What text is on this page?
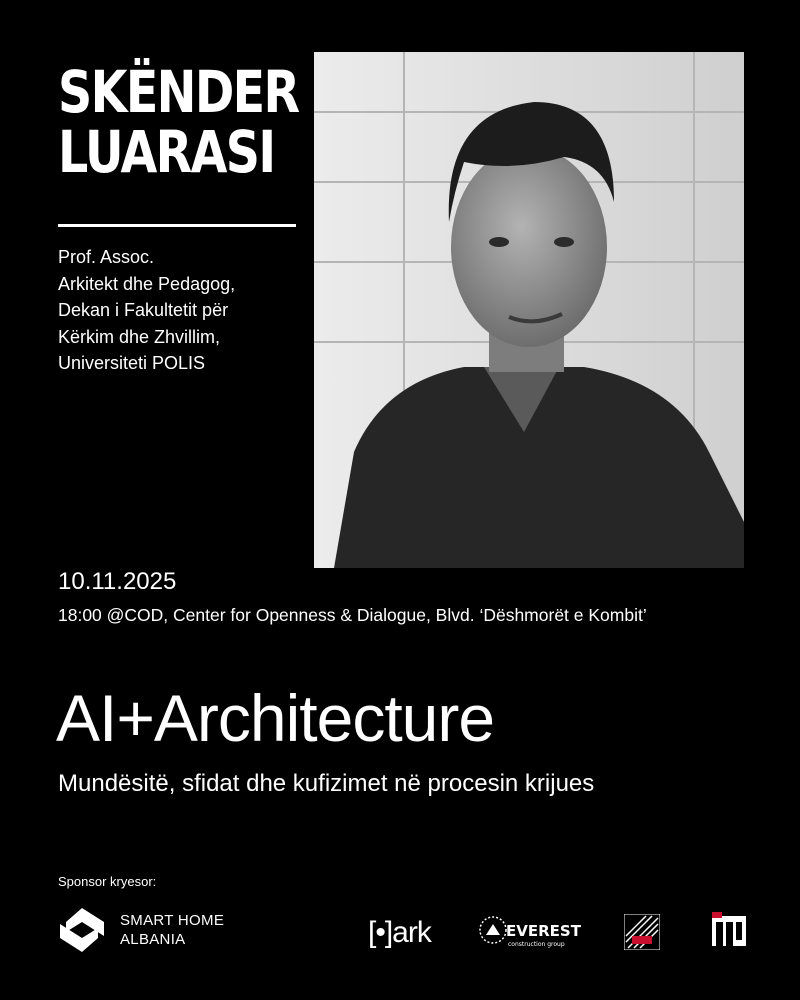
SKËNDER
LUARASI
Prof. Assoc.
Arkitekt dhe Pedagog,
Dekan i Fakultetit për
Kërkim dhe Zhvillim,
Universiteti POLIS
10.11.2025
18:00 @COD, Center for Openness & Dialogue, Blvd. ‘Dëshmorët e Kombit’
AI+Architecture
Mundësitë, sfidat dhe kufizimet në procesin krijues
Sponsor kryesor:
SMART HOME
ALBANIA	[•]ark	EVEREST
construction group
